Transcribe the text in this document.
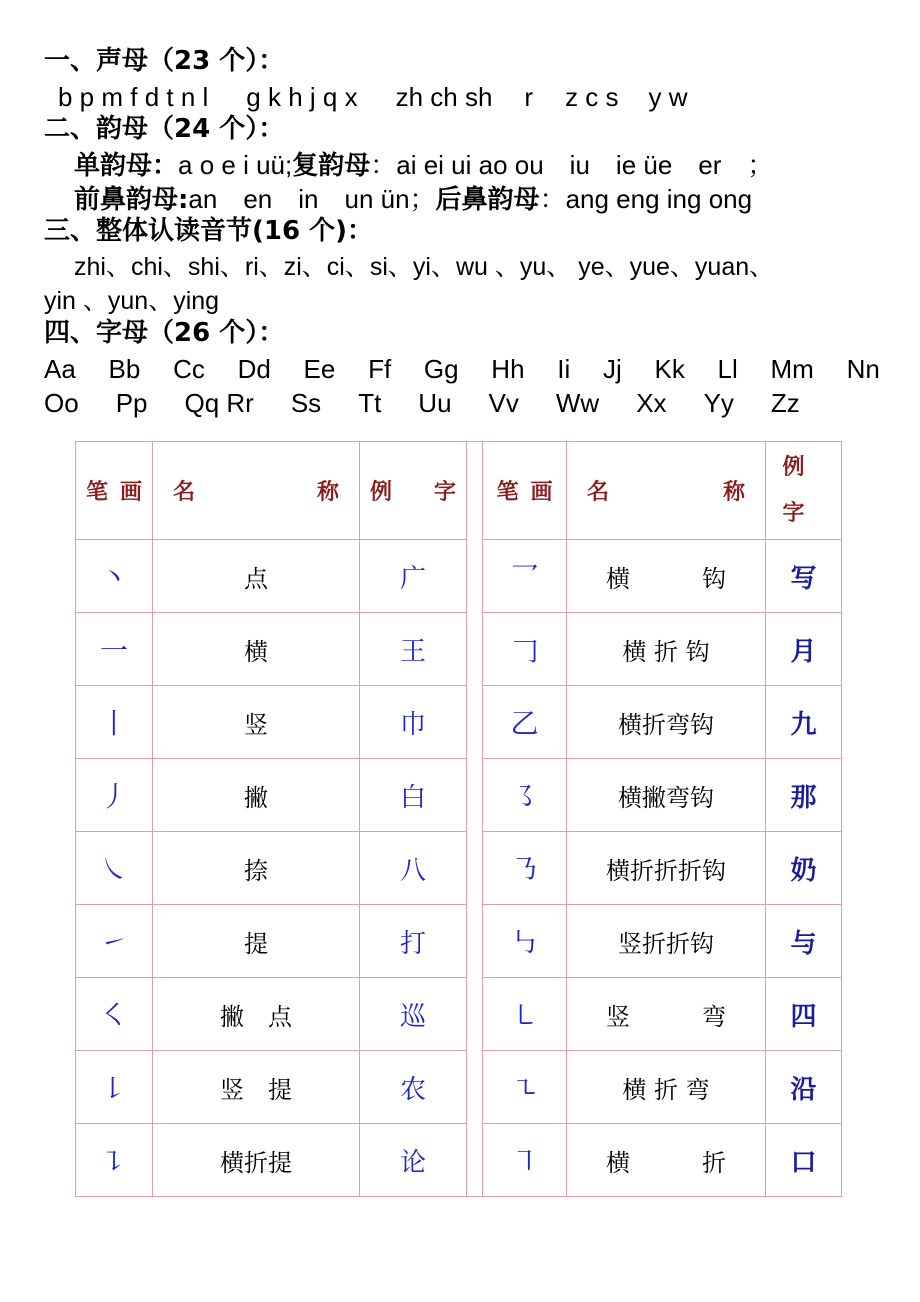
一、声母（23 个）：
b p m f d t n l g k h j q x zh ch sh r z c s y w
二、韵母（24 个）：
单韵母：a o e i uü;复韵母：ai ei ui ao ou　iu　ie üe　er　；
前鼻韵母:an　en　in　un ün；后鼻韵母：ang eng ing ong
三、整体认读音节(16 个)：
zhi、chi、shi、ri、zi、ci、si、yi、wu 、yu、 ye、yue、yuan、
yin 、yun、ying
四、字母（26 个）：
Aa Bb Cc Dd Ee Ff Gg Hh Ii Jj Kk Ll Mm Nn
Oo Pp Qq Rr Ss Tt Uu Vv Ww Xx Yy Zz
笔 画	名 称	例 字		笔 画	名 称	例
字

丶	点	广		乛	横　　　钩	写
一	横	王		𠃌	横 折 钩	月
丨	竖	巾		乙	横折弯钩	九
丿	撇	白		㇌	横撇弯钩	那
㇏	捺	八		㇡	横折折折钩	奶
㇀	提	打		㇉	竖折折钩	与
㇛	撇　点	巡		㇄	竖　　　弯	四
㇙	竖　提	农		㇍	横 折 弯	沿
㇊	横折提	论		㇕	横　　　折	口
